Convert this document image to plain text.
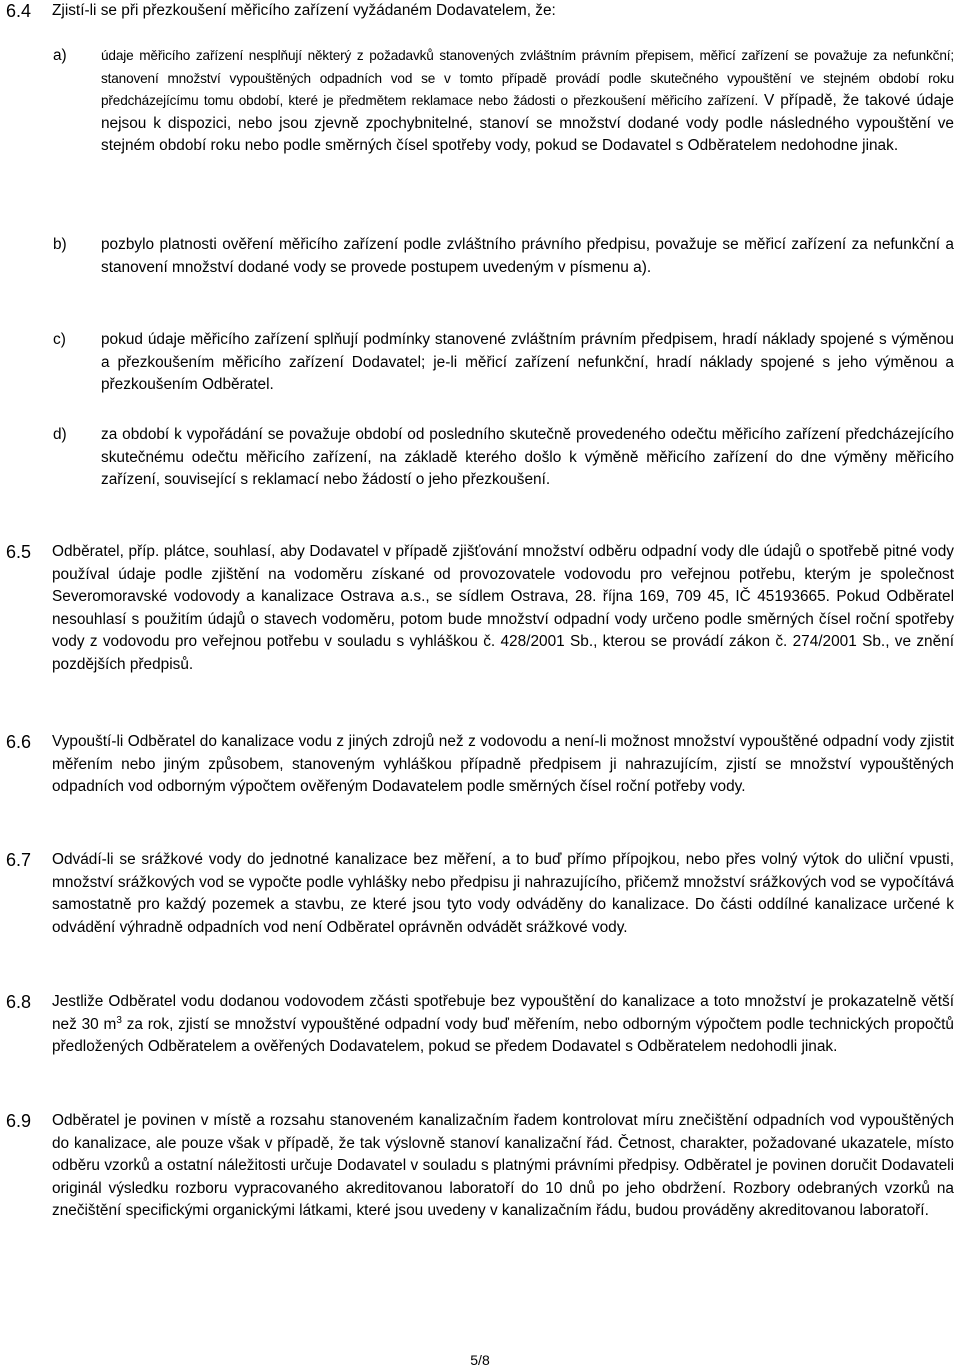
6.4 Zjistí-li se při přezkoušení měřicího zařízení vyžádaném Dodavatelem, že:
a)	údaje měřicího zařízení nesplňují některý z požadavků stanovených zvláštním právním přepisem, měřicí zařízení se považuje za nefunkční; stanovení množství vypouštěných odpadních vod se v tomto případě provádí podle skutečného vypouštění ve stejném období roku předcházejícímu tomu období, které je předmětem reklamace nebo žádosti o přezkoušení měřicího zařízení. V případě, že takové údaje nejsou k dispozici, nebo jsou zjevně zpochybnitelné, stanoví se množství dodané vody podle následného vypouštění ve stejném období roku nebo podle směrných čísel spotřeby vody, pokud se Dodavatel s Odběratelem nedohodne jinak.
b) pozbylo platnosti ověření měřicího zařízení podle zvláštního právního předpisu, považuje se měřicí zařízení za nefunkční a stanovení množství dodané vody se provede postupem uvedeným v písmenu a).
c) pokud údaje měřicího zařízení splňují podmínky stanovené zvláštním právním předpisem, hradí náklady spojené s výměnou a přezkoušením měřicího zařízení Dodavatel; je-li měřicí zařízení nefunkční, hradí náklady spojené s jeho výměnou a přezkoušením Odběratel.
d) za období k vypořádání se považuje období od posledního skutečně provedeného odečtu měřicího zařízení předcházejícího skutečnému odečtu měřicího zařízení, na základě kterého došlo k výměně měřicího zařízení do dne výměny měřicího zařízení, související s reklamací nebo žádostí o jeho přezkoušení.
6.5 Odběratel, příp. plátce, souhlasí, aby Dodavatel v případě zjišťování množství odběru odpadní vody dle údajů o spotřebě pitné vody používal údaje podle zjištění na vodoměru získané od provozovatele vodovodu pro veřejnou potřebu, kterým je společnost Severomoravské vodovody a kanalizace Ostrava a.s., se sídlem Ostrava, 28. října 169, 709 45, IČ 45193665. Pokud Odběratel nesouhlasí s použitím údajů o stavech vodoměru, potom bude množství odpadní vody určeno podle směrných čísel roční spotřeby vody z vodovodu pro veřejnou potřebu v souladu s vyhláškou č. 428/2001 Sb., kterou se provádí zákon č. 274/2001 Sb., ve znění pozdějších předpisů.
6.6 Vypouští-li Odběratel do kanalizace vodu z jiných zdrojů než z vodovodu a není-li možnost množství vypouštěné odpadní vody zjistit měřením nebo jiným způsobem, stanoveným vyhláškou případně předpisem ji nahrazujícím, zjistí se množství vypouštěných odpadních vod odborným výpočtem ověřeným Dodavatelem podle směrných čísel roční potřeby vody.
6.7 Odvádí-li se srážkové vody do jednotné kanalizace bez měření, a to buď přímo přípojkou, nebo přes volný výtok do uliční vpusti, množství srážkových vod se vypočte podle vyhlášky nebo předpisu ji nahrazujícího, přičemž množství srážkových vod se vypočítává samostatně pro každý pozemek a stavbu, ze které jsou tyto vody odváděny do kanalizace. Do části oddílné kanalizace určené k odvádění výhradně odpadních vod není Odběratel oprávněn odvádět srážkové vody.
6.8 Jestliže Odběratel vodu dodanou vodovodem zčásti spotřebuje bez vypouštění do kanalizace a toto množství je prokazatelně větší než 30 $m^3$ za rok, zjistí se množství vypouštěné odpadní vody buď měřením, nebo odborným výpočtem podle technických propočtů předložených Odběratelem a ověřených Dodavatelem, pokud se předem Dodavatel s Odběratelem nedohodli jinak.
6.9 Odběratel je povinen v místě a rozsahu stanoveném kanalizačním řadem kontrolovat míru znečištění odpadních vod vypouštěných do kanalizace, ale pouze však v případě, že tak výslovně stanoví kanalizační řád. Četnost, charakter, požadované ukazatele, místo odběru vzorků a ostatní náležitosti určuje Dodavatel v souladu s platnými právními předpisy. Odběratel je povinen doručit Dodavateli originál výsledku rozboru vypracovaného akreditovanou laboratoří do 10 dnů po jeho obdržení. Rozbory odebraných vzorků na znečištění specifickými organickými látkami, které jsou uvedeny v kanalizačním řádu, budou prováděny akreditovanou laboratoří.
5/8
